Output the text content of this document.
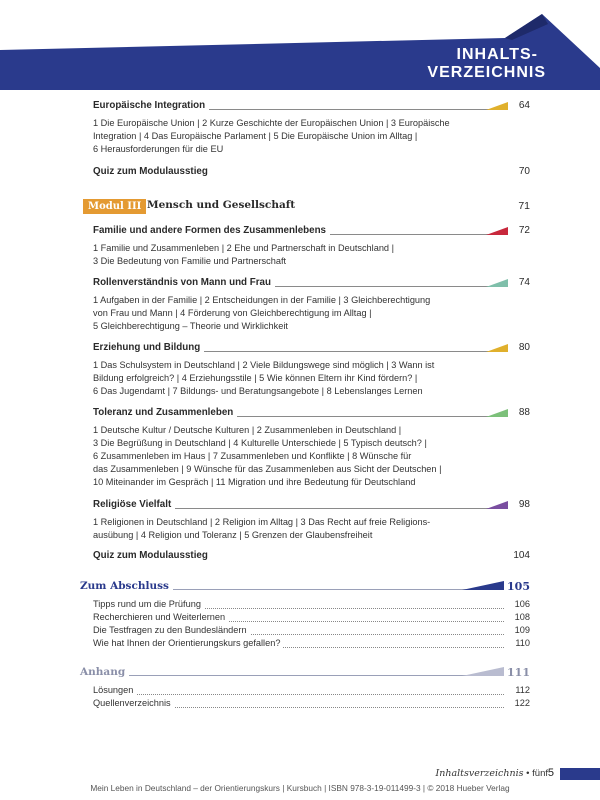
INHALTS-
VERZEICHNIS
Europäische Integration	64
1 Die Europäische Union | 2 Kurze Geschichte der Europäischen Union | 3 Europäische
Integration | 4 Das Europäische Parlament | 5 Die Europäische Union im Alltag |
6 Herausforderungen für die EU
Quiz zum Modulausstieg	70
Modul III Mensch und Gesellschaft	71
Familie und andere Formen des Zusammenlebens	72
1 Familie und Zusammenleben | 2 Ehe und Partnerschaft in Deutschland |
3 Die Bedeutung von Familie und Partnerschaft
Rollenverständnis von Mann und Frau	74
1 Aufgaben in der Familie | 2 Entscheidungen in der Familie | 3 Gleichberechtigung
von Frau und Mann | 4 Förderung von Gleichberechtigung im Alltag |
5 Gleichberechtigung – Theorie und Wirklichkeit
Erziehung und Bildung	80
1 Das Schulsystem in Deutschland | 2 Viele Bildungswege sind möglich | 3 Wann ist
Bildung erfolgreich? | 4 Erziehungsstile | 5 Wie können Eltern ihr Kind fördern? |
6 Das Jugendamt | 7 Bildungs- und Beratungsangebote | 8 Lebenslanges Lernen
Toleranz und Zusammenleben	88
1 Deutsche Kultur / Deutsche Kulturen | 2 Zusammenleben in Deutschland |
3 Die Begrüßung in Deutschland | 4 Kulturelle Unterschiede | 5 Typisch deutsch? |
6 Zusammenleben im Haus | 7 Zusammenleben und Konflikte | 8 Wünsche für
das Zusammenleben | 9 Wünsche für das Zusammenleben aus Sicht der Deutschen |
10 Miteinander im Gespräch | 11 Migration und ihre Bedeutung für Deutschland
Religiöse Vielfalt	98
1 Religionen in Deutschland | 2 Religion im Alltag | 3 Das Recht auf freie Religions-
ausübung | 4 Religion und Toleranz | 5 Grenzen der Glaubensfreiheit
Quiz zum Modulausstieg	104
Zum Abschluss	105
Tipps rund um die Prüfung	106
Recherchieren und Weiterlernen	108
Die Testfragen zu den Bundesländern	109
Wie hat Ihnen der Orientierungskurs gefallen?	110
Anhang	111
Lösungen	112
Quellenverzeichnis	122
Inhaltsverzeichnis • fünf 5
Mein Leben in Deutschland – der Orientierungskurs | Kursbuch | ISBN 978-3-19-011499-3 | © 2018 Hueber Verlag
